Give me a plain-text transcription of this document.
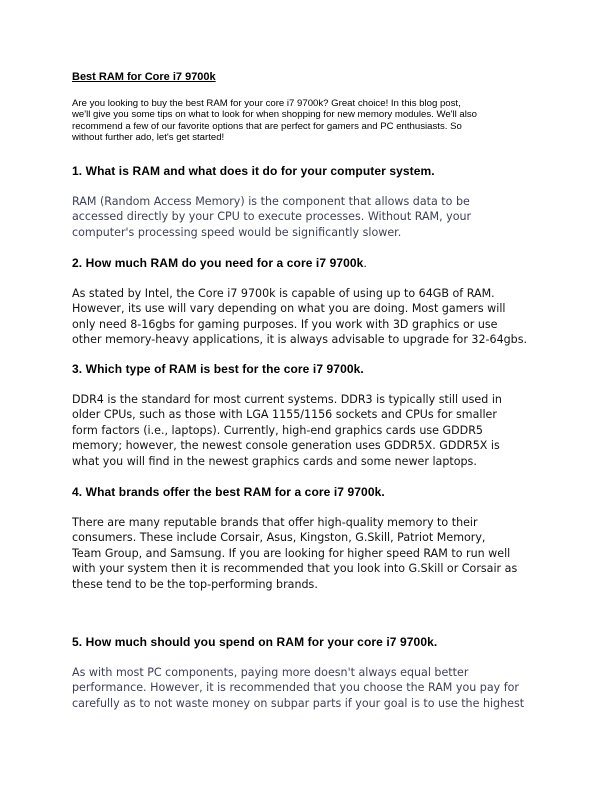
Best RAM for Core i7 9700k
Are you looking to buy the best RAM for your core i7 9700k? Great choice! In this blog post,
we'll give you some tips on what to look for when shopping for new memory modules. We'll also
recommend a few of our favorite options that are perfect for gamers and PC enthusiasts. So
without further ado, let's get started!
1. What is RAM and what does it do for your computer system.
RAM (Random Access Memory) is the component that allows data to be
accessed directly by your CPU to execute processes. Without RAM, your
computer's processing speed would be significantly slower.
2. How much RAM do you need for a core i7 9700k.
As stated by Intel, the Core i7 9700k is capable of using up to 64GB of RAM.
However, its use will vary depending on what you are doing. Most gamers will
only need 8-16gbs for gaming purposes. If you work with 3D graphics or use
other memory-heavy applications, it is always advisable to upgrade for 32-64gbs.
3. Which type of RAM is best for the core i7 9700k.
DDR4 is the standard for most current systems. DDR3 is typically still used in
older CPUs, such as those with LGA 1155/1156 sockets and CPUs for smaller
form factors (i.e., laptops). Currently, high-end graphics cards use GDDR5
memory; however, the newest console generation uses GDDR5X. GDDR5X is
what you will find in the newest graphics cards and some newer laptops.
4. What brands offer the best RAM for a core i7 9700k.
There are many reputable brands that offer high-quality memory to their
consumers. These include Corsair, Asus, Kingston, G.Skill, Patriot Memory,
Team Group, and Samsung. If you are looking for higher speed RAM to run well
with your system then it is recommended that you look into G.Skill or Corsair as
these tend to be the top-performing brands.
5. How much should you spend on RAM for your core i7 9700k.
As with most PC components, paying more doesn't always equal better
performance. However, it is recommended that you choose the RAM you pay for
carefully as to not waste money on subpar parts if your goal is to use the highest
